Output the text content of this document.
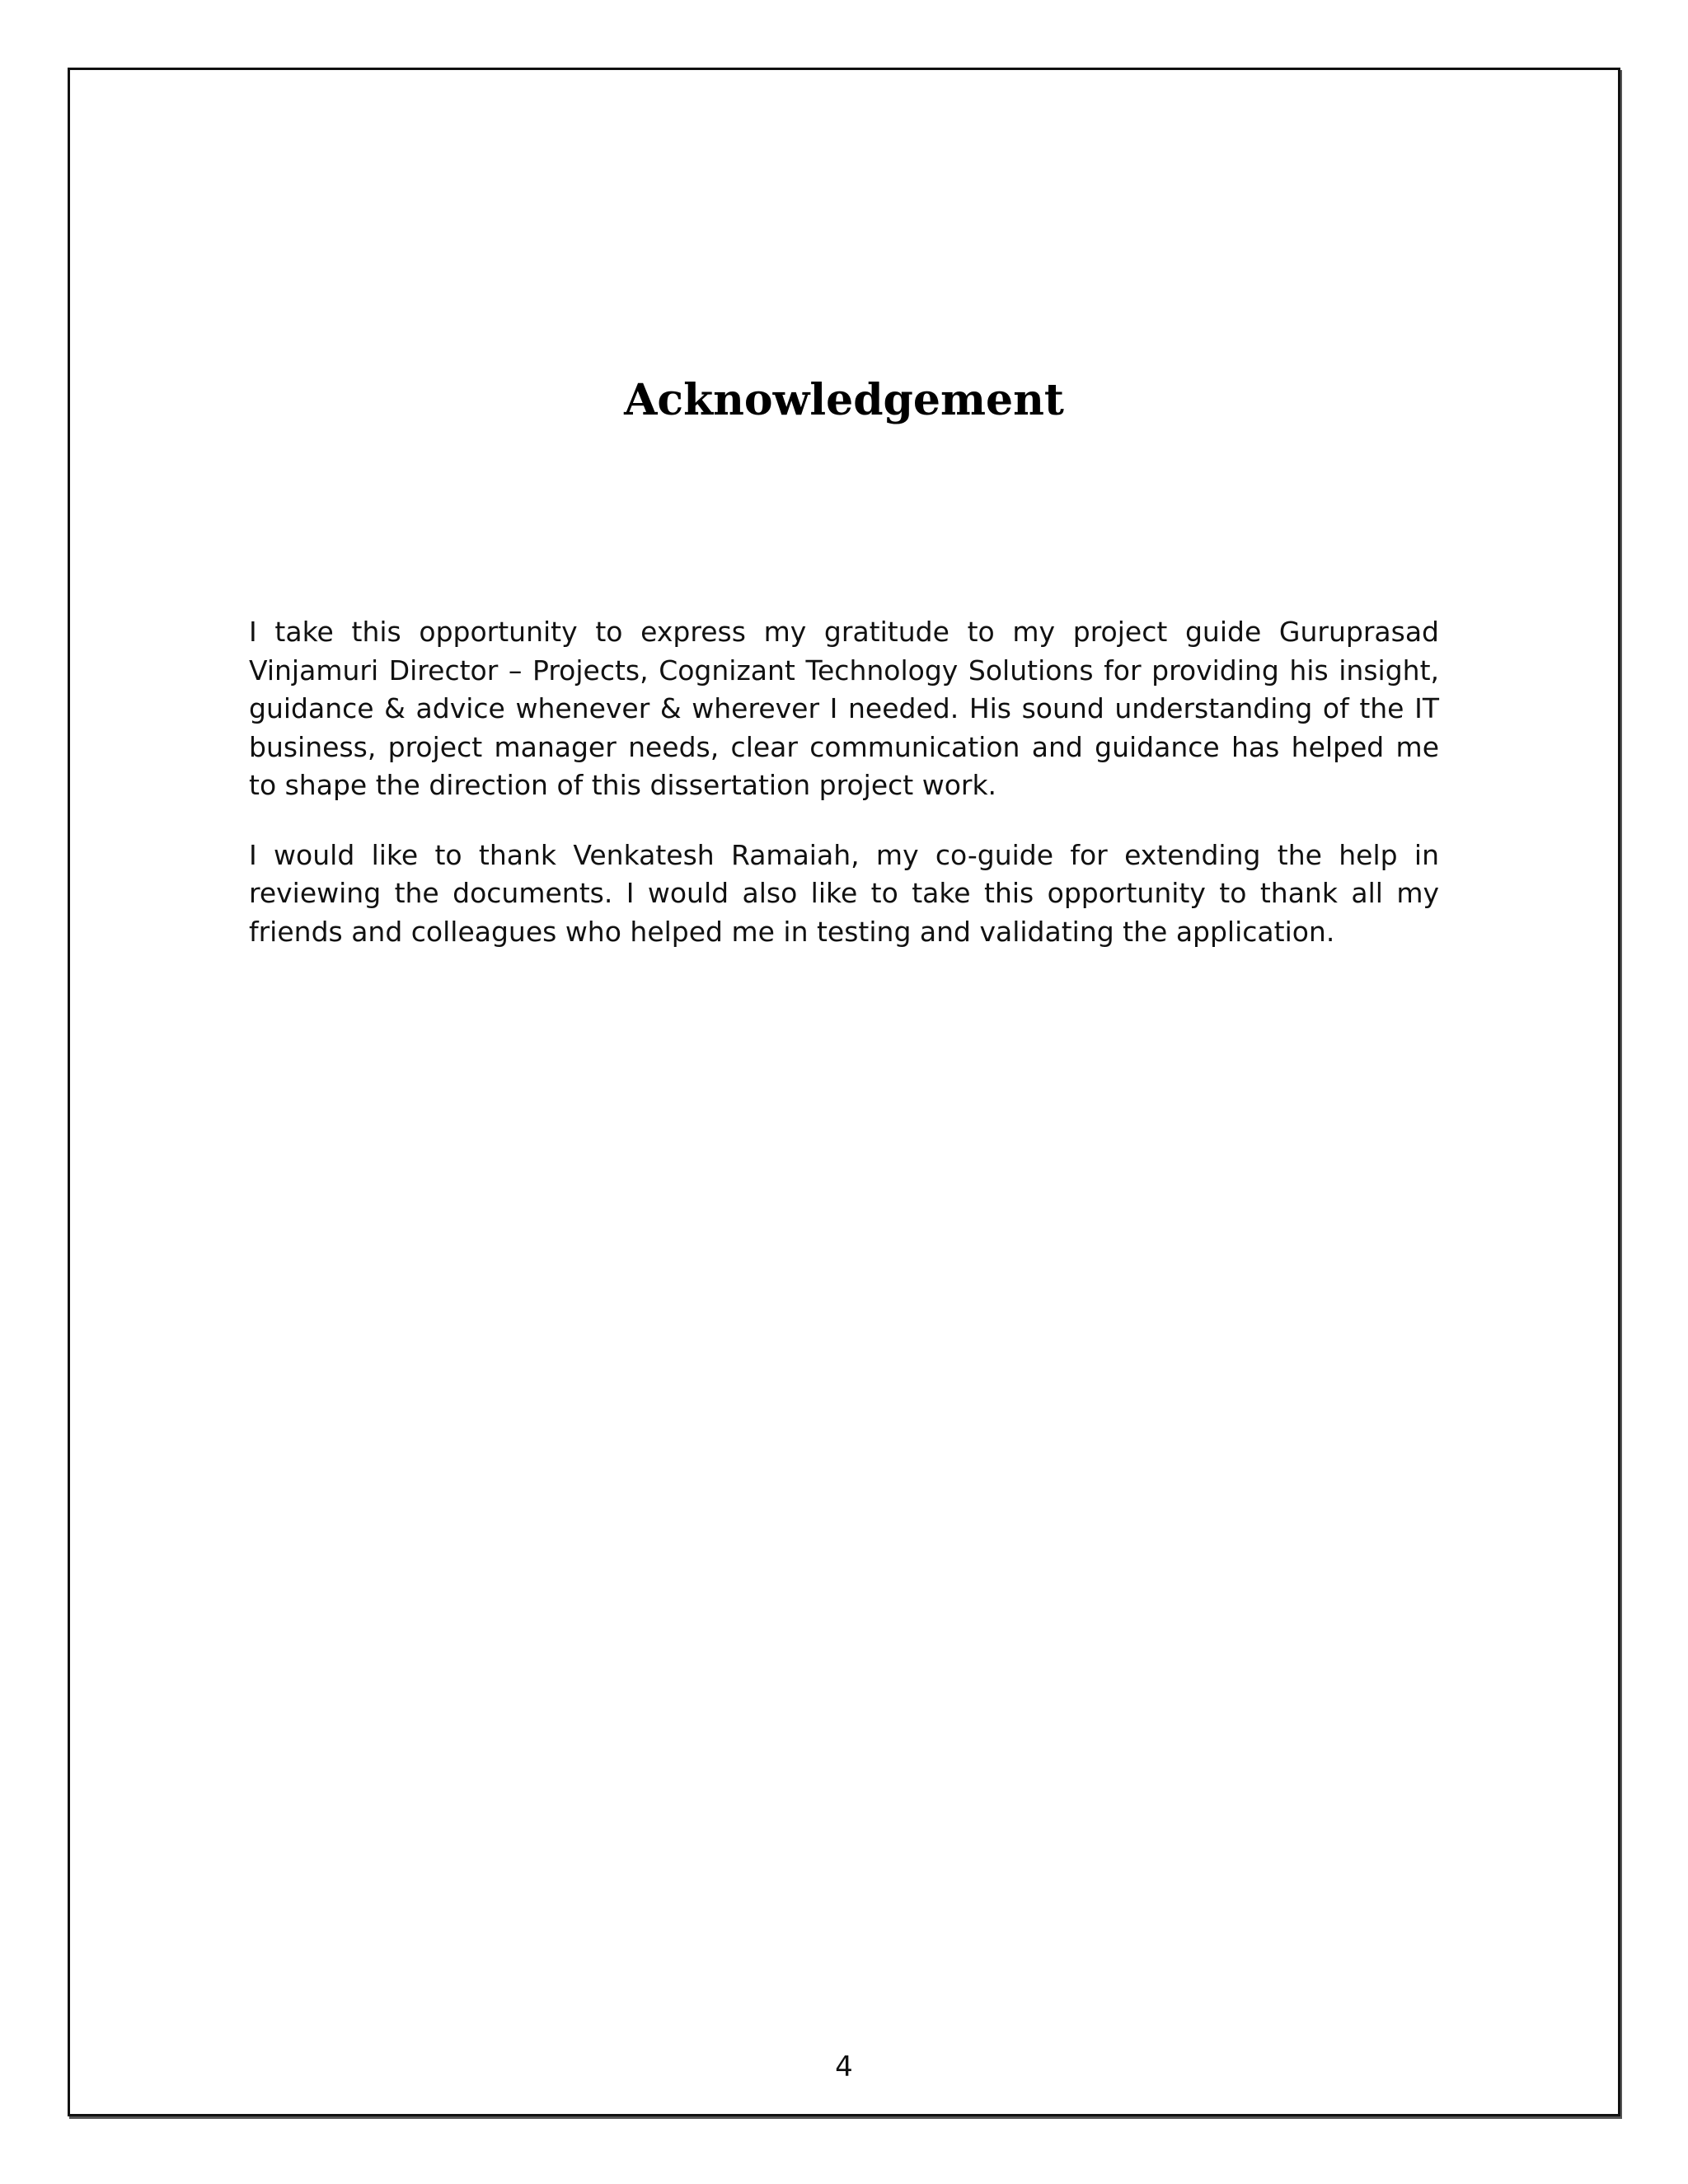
Acknowledgement

I take this opportunity to express my gratitude to my project guide Guruprasad Vinjamuri Director – Projects, Cognizant Technology Solutions for providing his insight, guidance & advice whenever & wherever I needed. His sound understanding of the IT business, project manager needs, clear communication and guidance has helped me to shape the direction of this dissertation project work.

I would like to thank Venkatesh Ramaiah, my co-guide for extending the help in reviewing the documents. I would also like to take this opportunity to thank all my friends and colleagues who helped me in testing and validating the application.

4
